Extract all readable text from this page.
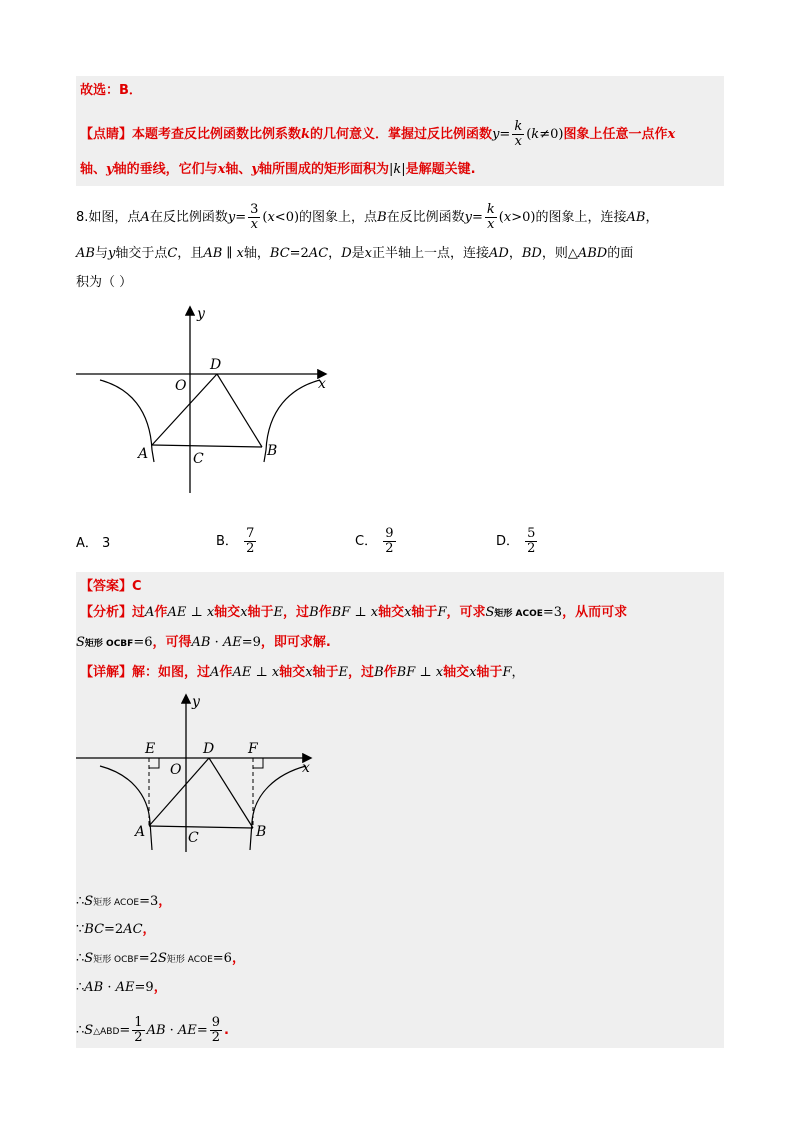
故选：B．
【点睛】本题考查反比例函数比例系数k的几何意义．掌握过反比例函数$y= \frac{k}{x} (k\ne 0)$图象上任意一点作x
轴、y轴的垂线，它们与x轴、y轴所围成的矩形面积为|k|是解题关键.
8.如图，点A在反比例函数$y= \frac{3}{x} (x<0)$的图象上，点B在反比例函数$y= \frac{k}{x} (x>0)$的图象上，连接AB，
AB与y轴交于点C，且AB ∥ x轴，BC=2AC，D是x正半轴上一点，连接AD，BD，则△ABD的面
积为（ ）
y
x
O
D
A	C	B
A． 3	B． $\frac{7}{2}$	C． $\frac{9}{2}$	D． $\frac{5}{2}$
【答案】C
【分析】过A作AE ⊥ x轴交x轴于E，过B作BF ⊥ x轴交x轴于F，可求S矩形 ACOE=3，从而可求
S矩形 OCBF=6，可得AB · AE=9，即可求解.
【详解】解：如图，过A作AE ⊥ x轴交x轴于E，过B作BF ⊥ x轴交x轴于F，
y
x
O
E	D F
A	C	B
∴S矩形 ACOE=3，
∵BC=2AC，
∴S矩形 OCBF=2S矩形 ACOE=6，
∴AB · AE=9，
∴S△ABD= $\frac{1}{2}$ AB · $AE= \frac{9}{2}$ .
